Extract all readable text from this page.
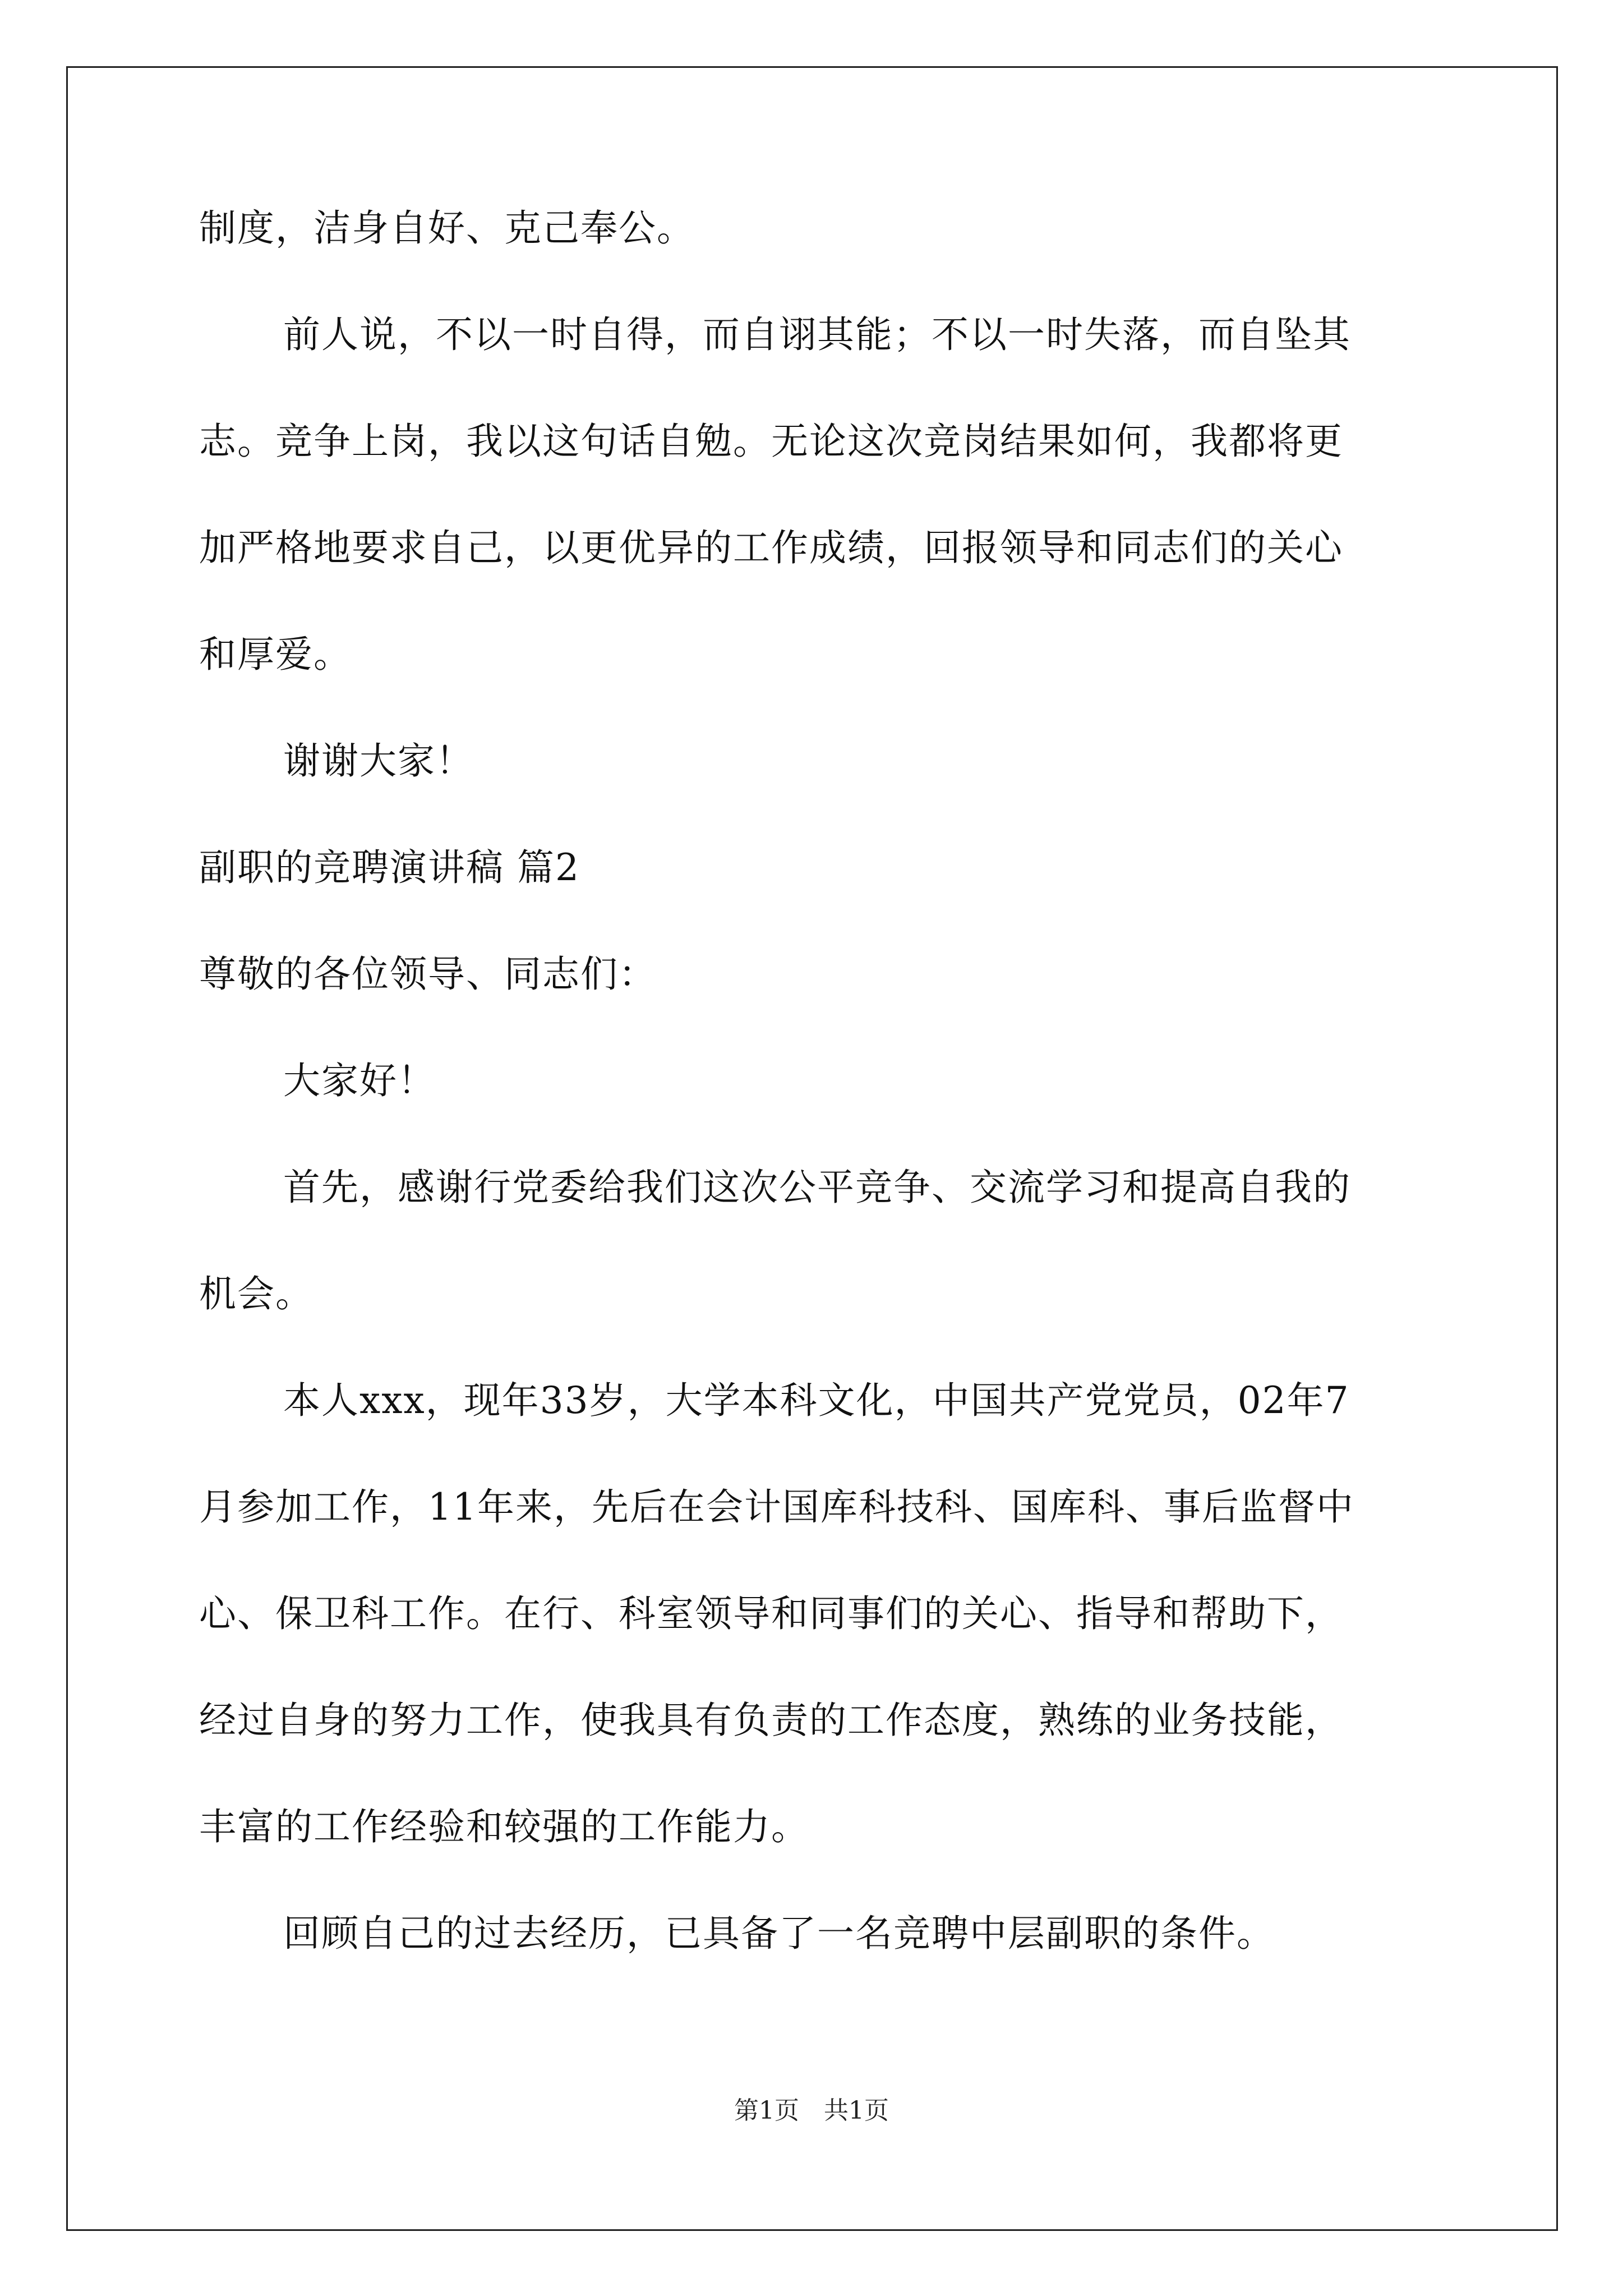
制度，洁身自好、克己奉公。
前人说，不以一时自得，而自诩其能；不以一时失落，而自坠其
志。竞争上岗，我以这句话自勉。无论这次竞岗结果如何，我都将更
加严格地要求自己，以更优异的工作成绩，回报领导和同志们的关心
和厚爱。
谢谢大家！
副职的竞聘演讲稿 篇2
尊敬的各位领导、同志们：
大家好！
首先，感谢行党委给我们这次公平竞争、交流学习和提高自我的
机会。
本人xxx，现年33岁，大学本科文化，中国共产党党员，02年7
月参加工作，11年来，先后在会计国库科技科、国库科、事后监督中
心、保卫科工作。在行、科室领导和同事们的关心、指导和帮助下，
经过自身的努力工作，使我具有负责的工作态度，熟练的业务技能，
丰富的工作经验和较强的工作能力。
回顾自己的过去经历，已具备了一名竞聘中层副职的条件。
第1页　共1页
